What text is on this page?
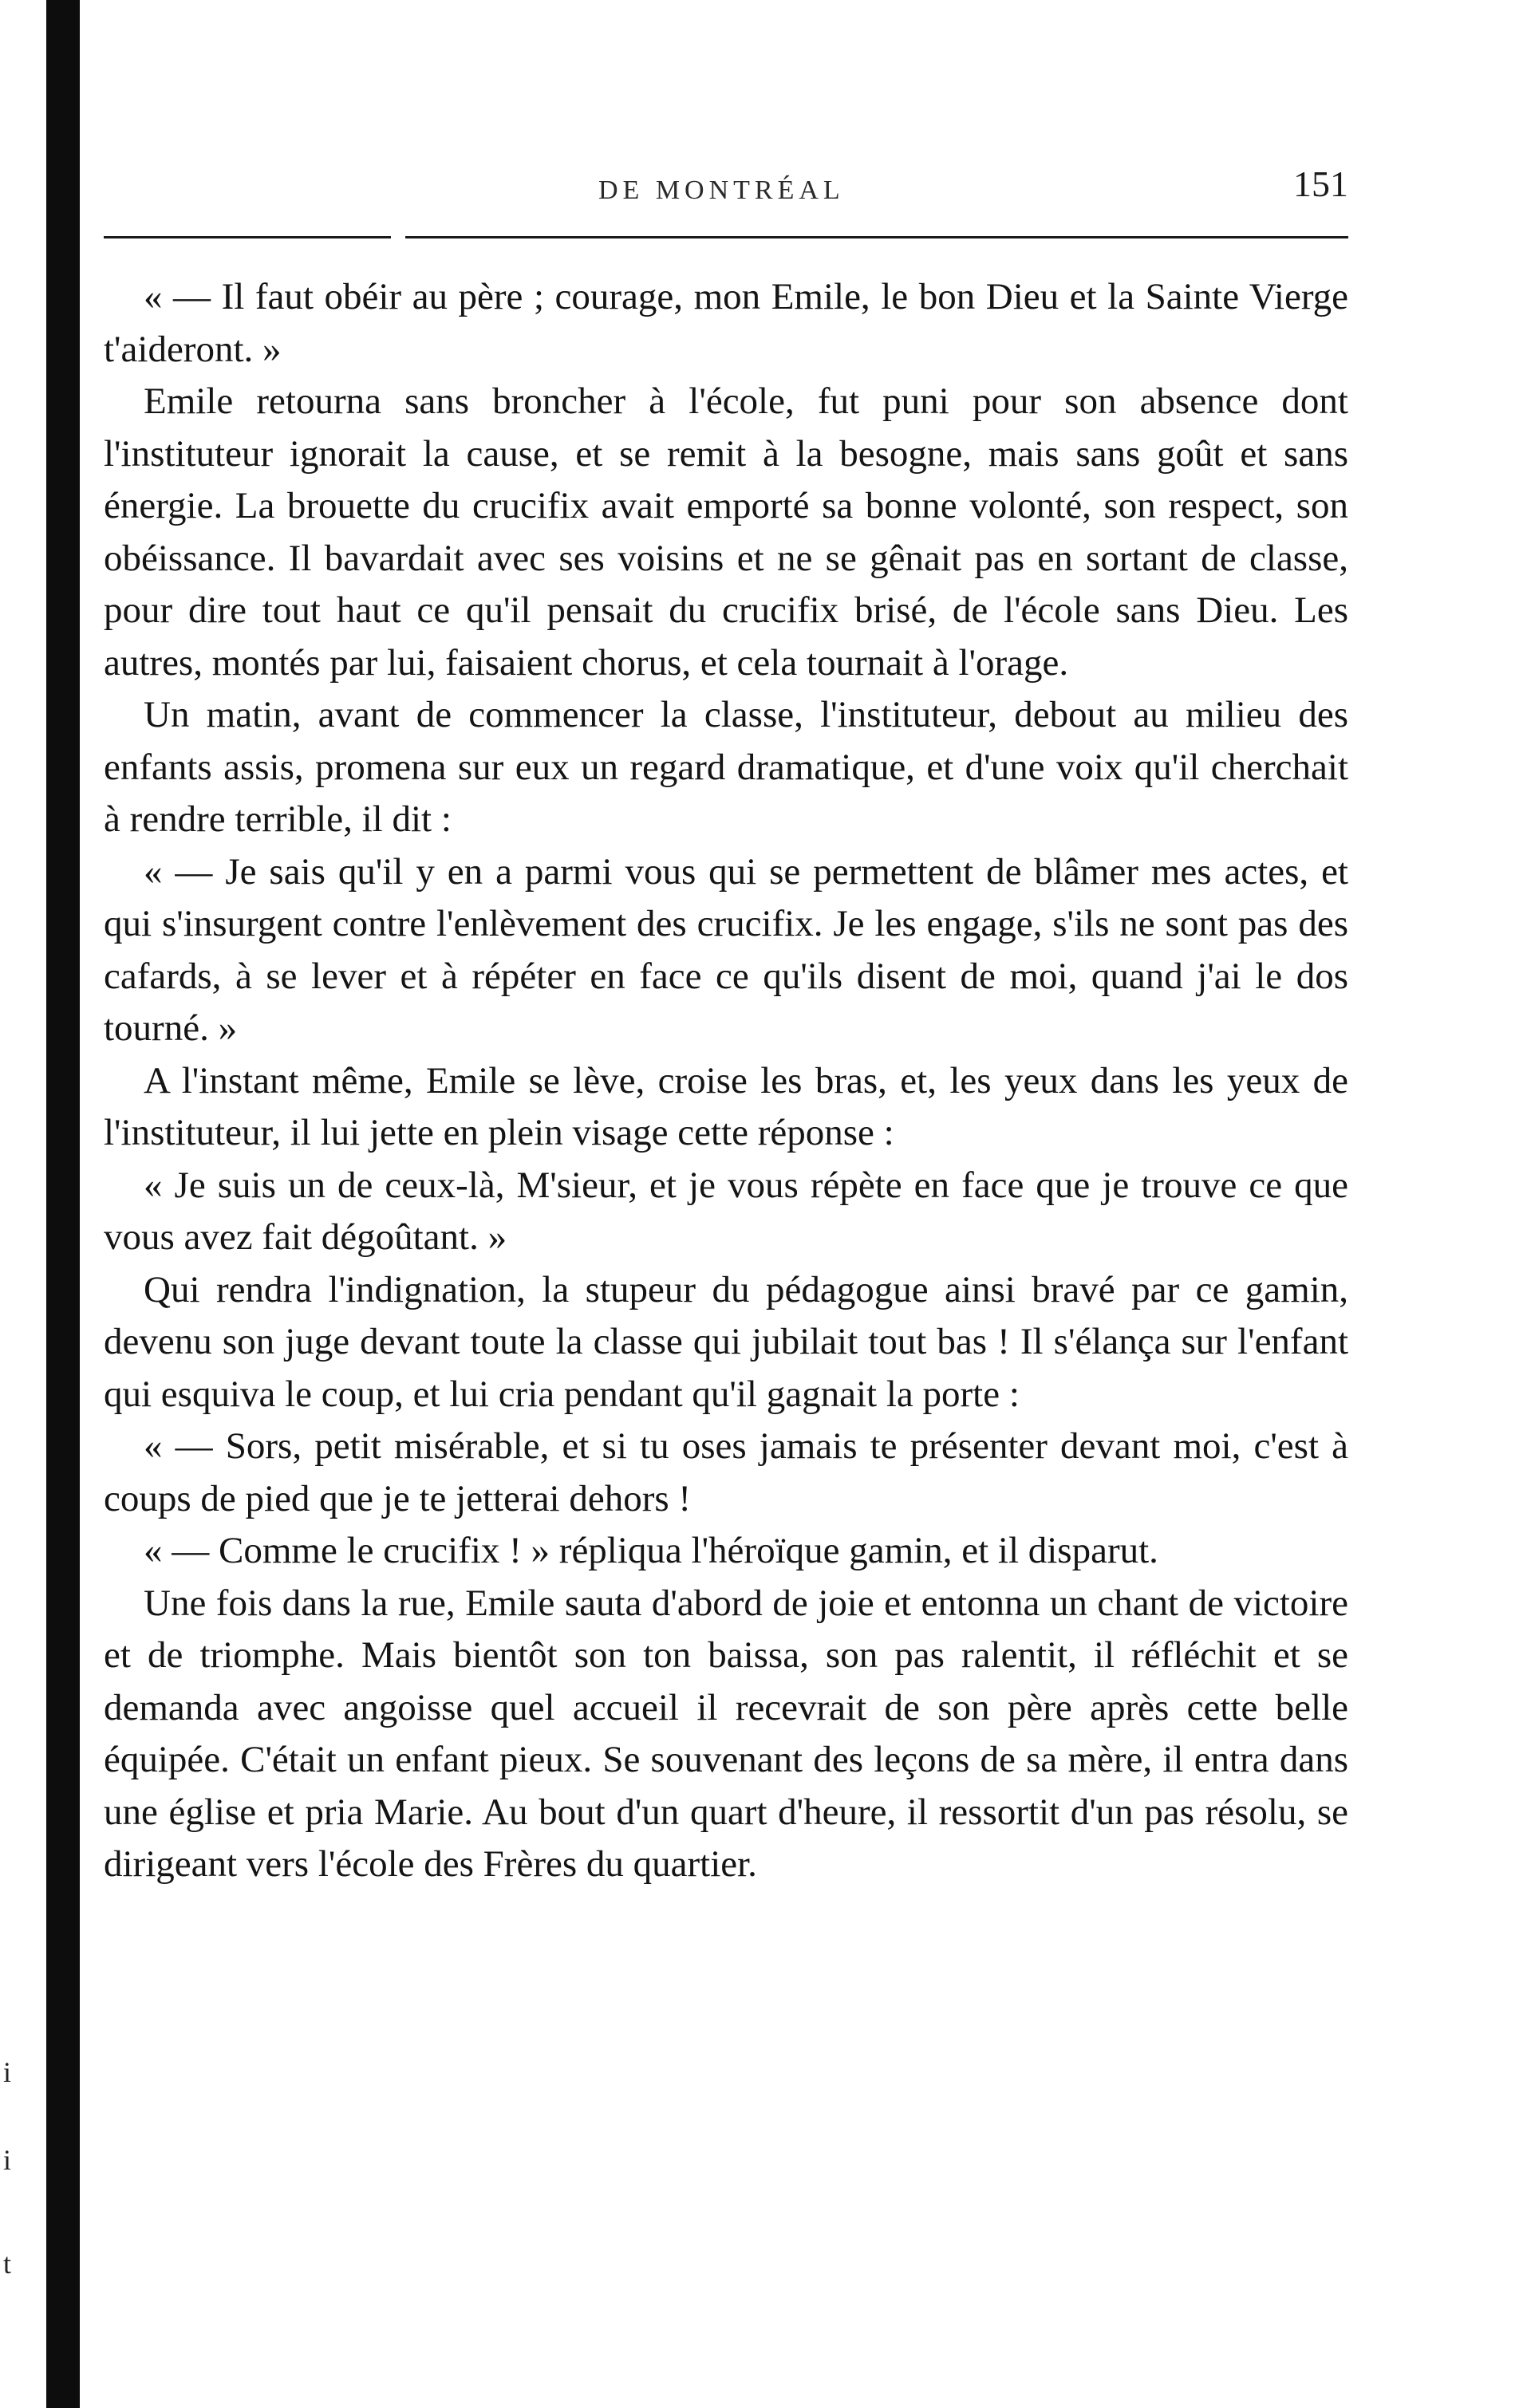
i
i
t
DE MONTRÉAL	151

« — Il faut obéir au père ; courage, mon Emile, le bon Dieu et la Sainte Vierge t'aideront. »

Emile retourna sans broncher à l'école, fut puni pour son absence dont l'instituteur ignorait la cause, et se remit à la besogne, mais sans goût et sans énergie. La brouette du crucifix avait emporté sa bonne volonté, son respect, son obéissance. Il bavardait avec ses voisins et ne se gênait pas en sortant de classe, pour dire tout haut ce qu'il pensait du crucifix brisé, de l'école sans Dieu. Les autres, montés par lui, faisaient chorus, et cela tournait à l'orage.

Un matin, avant de commencer la classe, l'instituteur, debout au milieu des enfants assis, promena sur eux un regard dramatique, et d'une voix qu'il cherchait à rendre terrible, il dit :

« — Je sais qu'il y en a parmi vous qui se permettent de blâmer mes actes, et qui s'insurgent contre l'enlèvement des crucifix. Je les engage, s'ils ne sont pas des cafards, à se lever et à répéter en face ce qu'ils disent de moi, quand j'ai le dos tourné. »

A l'instant même, Emile se lève, croise les bras, et, les yeux dans les yeux de l'instituteur, il lui jette en plein visage cette réponse :

« Je suis un de ceux-là, M'sieur, et je vous répète en face que je trouve ce que vous avez fait dégoûtant. »

Qui rendra l'indignation, la stupeur du pédagogue ainsi bravé par ce gamin, devenu son juge devant toute la classe qui jubilait tout bas ! Il s'élança sur l'enfant qui esquiva le coup, et lui cria pendant qu'il gagnait la porte :

« — Sors, petit misérable, et si tu oses jamais te présenter devant moi, c'est à coups de pied que je te jetterai dehors !

« — Comme le crucifix ! » répliqua l'héroïque gamin, et il disparut.

Une fois dans la rue, Emile sauta d'abord de joie et entonna un chant de victoire et de triomphe. Mais bientôt son ton baissa, son pas ralentit, il réfléchit et se demanda avec angoisse quel accueil il recevrait de son père après cette belle équipée. C'était un enfant pieux. Se souvenant des leçons de sa mère, il entra dans une église et pria Marie. Au bout d'un quart d'heure, il ressortit d'un pas résolu, se dirigeant vers l'école des Frères du quartier.
